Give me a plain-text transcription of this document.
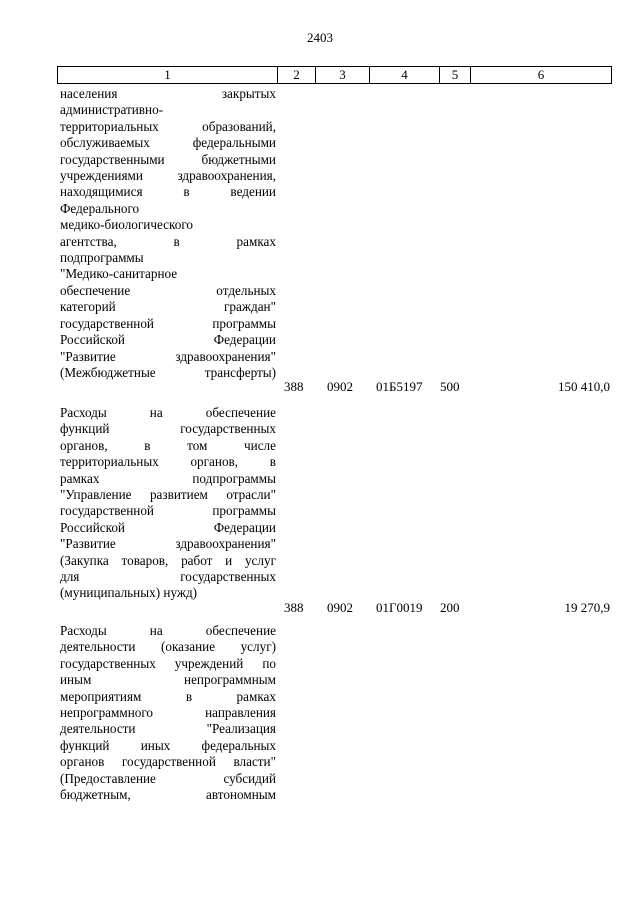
2403
1	2	3	4	5	6
населения закрытых
административно-
территориальных образований,
обслуживаемых федеральными
государственными бюджетными
учреждениями здравоохранения,
находящимися в ведении
Федерального
медико-биологического
агентства, в рамках
подпрограммы
"Медико-санитарное
обеспечение отдельных
категорий граждан"
государственной программы
Российской Федерации
"Развитие здравоохранения"
(Межбюджетные трансферты)
388 0902 01Б5197 500	150 410,0
Расходы на обеспечение
функций государственных
органов, в том числе
территориальных органов, в
рамках подпрограммы
"Управление развитием отрасли"
государственной программы
Российской Федерации
"Развитие здравоохранения"
(Закупка товаров, работ и услуг
для государственных
(муниципальных) нужд)
388 0902 01Г0019 200	19 270,9
Расходы на обеспечение
деятельности (оказание услуг)
государственных учреждений по
иным непрограммным
мероприятиям в рамках
непрограммного направления
деятельности "Реализация
функций иных федеральных
органов государственной власти"
(Предоставление субсидий
бюджетным, автономным
